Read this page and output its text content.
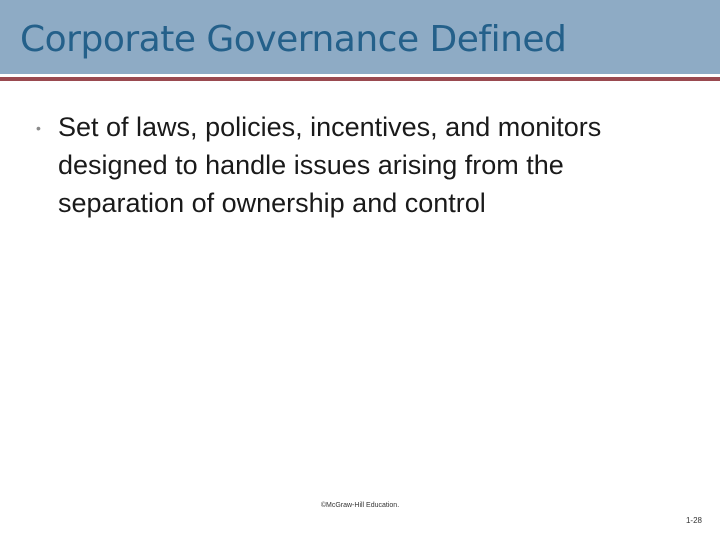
Corporate Governance Defined
• Set of laws, policies, incentives, and monitors designed to handle issues arising from the separation of ownership and control
©McGraw-Hill Education.
1-28
